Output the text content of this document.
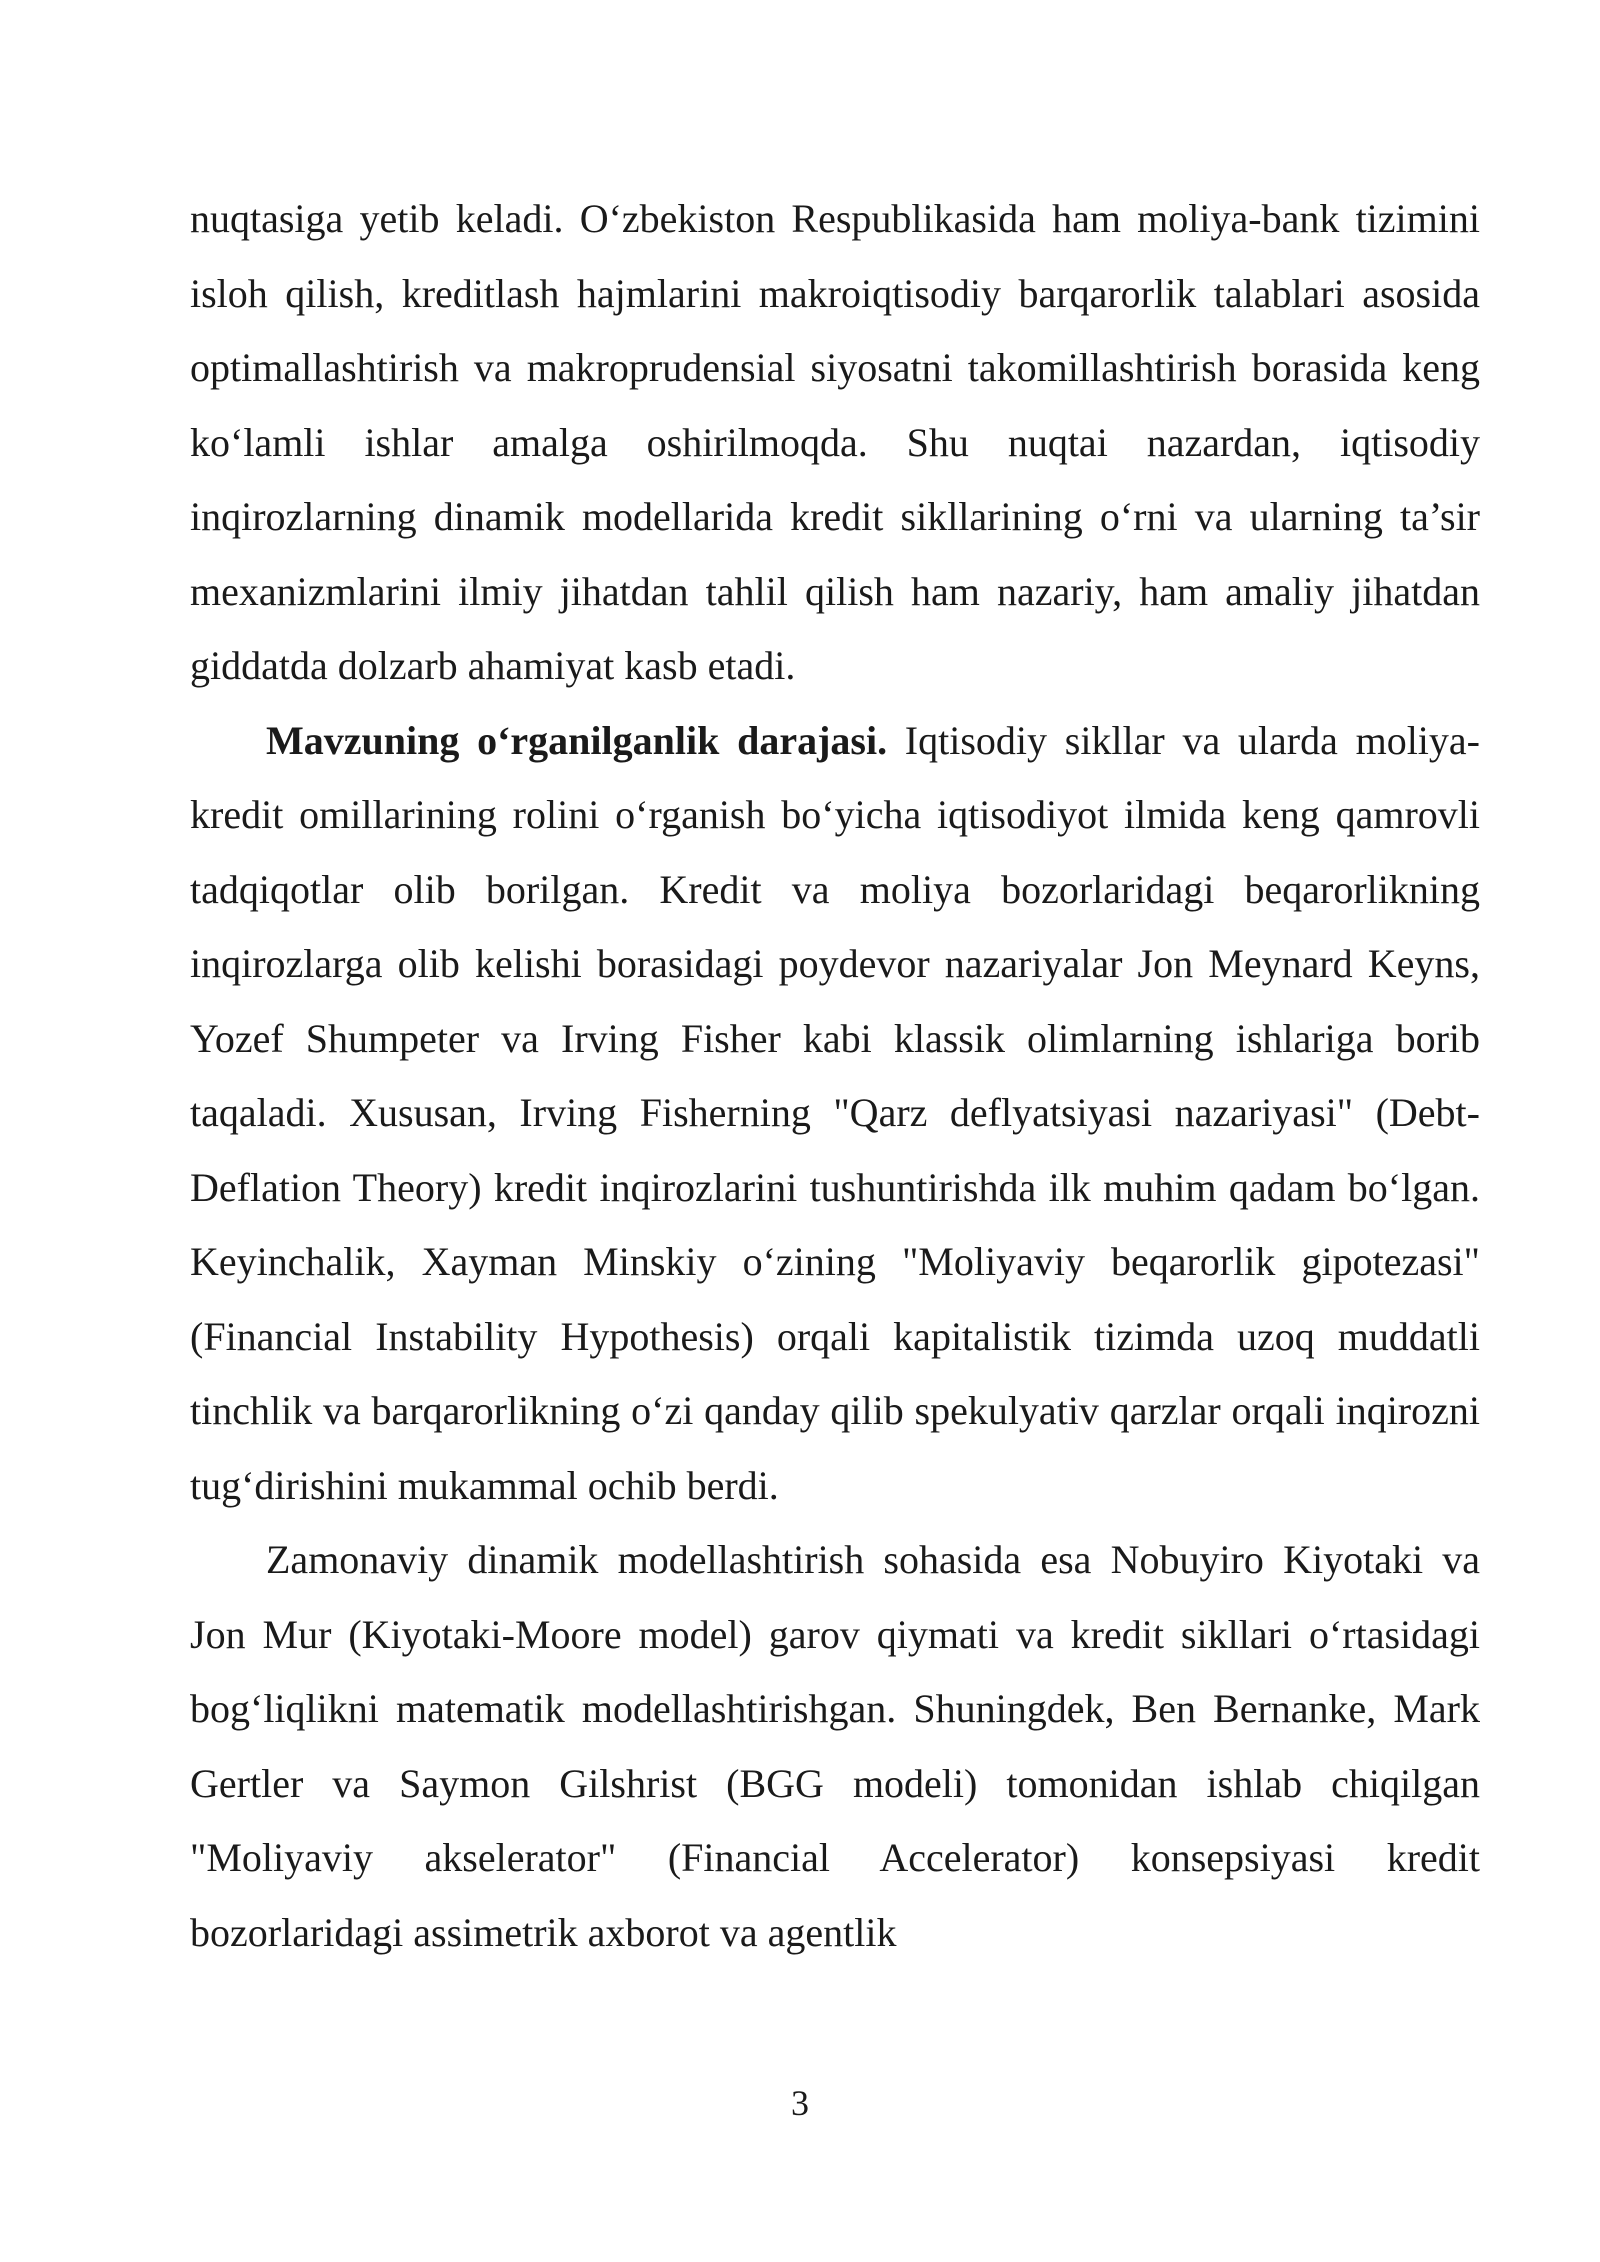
nuqtasiga yetib keladi. O‘zbekiston Respublikasida ham moliya-bank tizimini isloh qilish, kreditlash hajmlarini makroiqtisodiy barqarorlik talablari asosida optimallashtirish va makroprudensial siyosatni takomillashtirish borasida keng ko‘lamli ishlar amalga oshirilmoqda. Shu nuqtai nazardan, iqtisodiy inqirozlarning dinamik modellarida kredit sikllarining o‘rni va ularning ta’sir mexanizmlarini ilmiy jihatdan tahlil qilish ham nazariy, ham amaliy jihatdan giddatda dolzarb ahamiyat kasb etadi.

Mavzuning o‘rganilganlik darajasi. Iqtisodiy sikllar va ularda moliya-kredit omillarining rolini o‘rganish bo‘yicha iqtisodiyot ilmida keng qamrovli tadqiqotlar olib borilgan. Kredit va moliya bozorlaridagi beqarorlikning inqirozlarga olib kelishi borasidagi poydevor nazariyalar Jon Meynard Keyns, Yozef Shumpeter va Irving Fisher kabi klassik olimlarning ishlariga borib taqaladi. Xususan, Irving Fisherning "Qarz deflyatsiyasi nazariyasi" (Debt-Deflation Theory) kredit inqirozlarini tushuntirishda ilk muhim qadam bo‘lgan. Keyinchalik, Xayman Minskiy o‘zining "Moliyaviy beqarorlik gipotezasi" (Financial Instability Hypothesis) orqali kapitalistik tizimda uzoq muddatli tinchlik va barqarorlikning o‘zi qanday qilib spekulyativ qarzlar orqali inqirozni tug‘dirishini mukammal ochib berdi.

Zamonaviy dinamik modellashtirish sohasida esa Nobuyiro Kiyotaki va Jon Mur (Kiyotaki-Moore model) garov qiymati va kredit sikllari o‘rtasidagi bog‘liqlikni matematik modellashtirishgan. Shuningdek, Ben Bernanke, Mark Gertler va Saymon Gilshrist (BGG modeli) tomonidan ishlab chiqilgan "Moliyaviy akselerator" (Financial Accelerator) konsepsiyasi kredit bozorlaridagi assimetrik axborot va agentlik

3
